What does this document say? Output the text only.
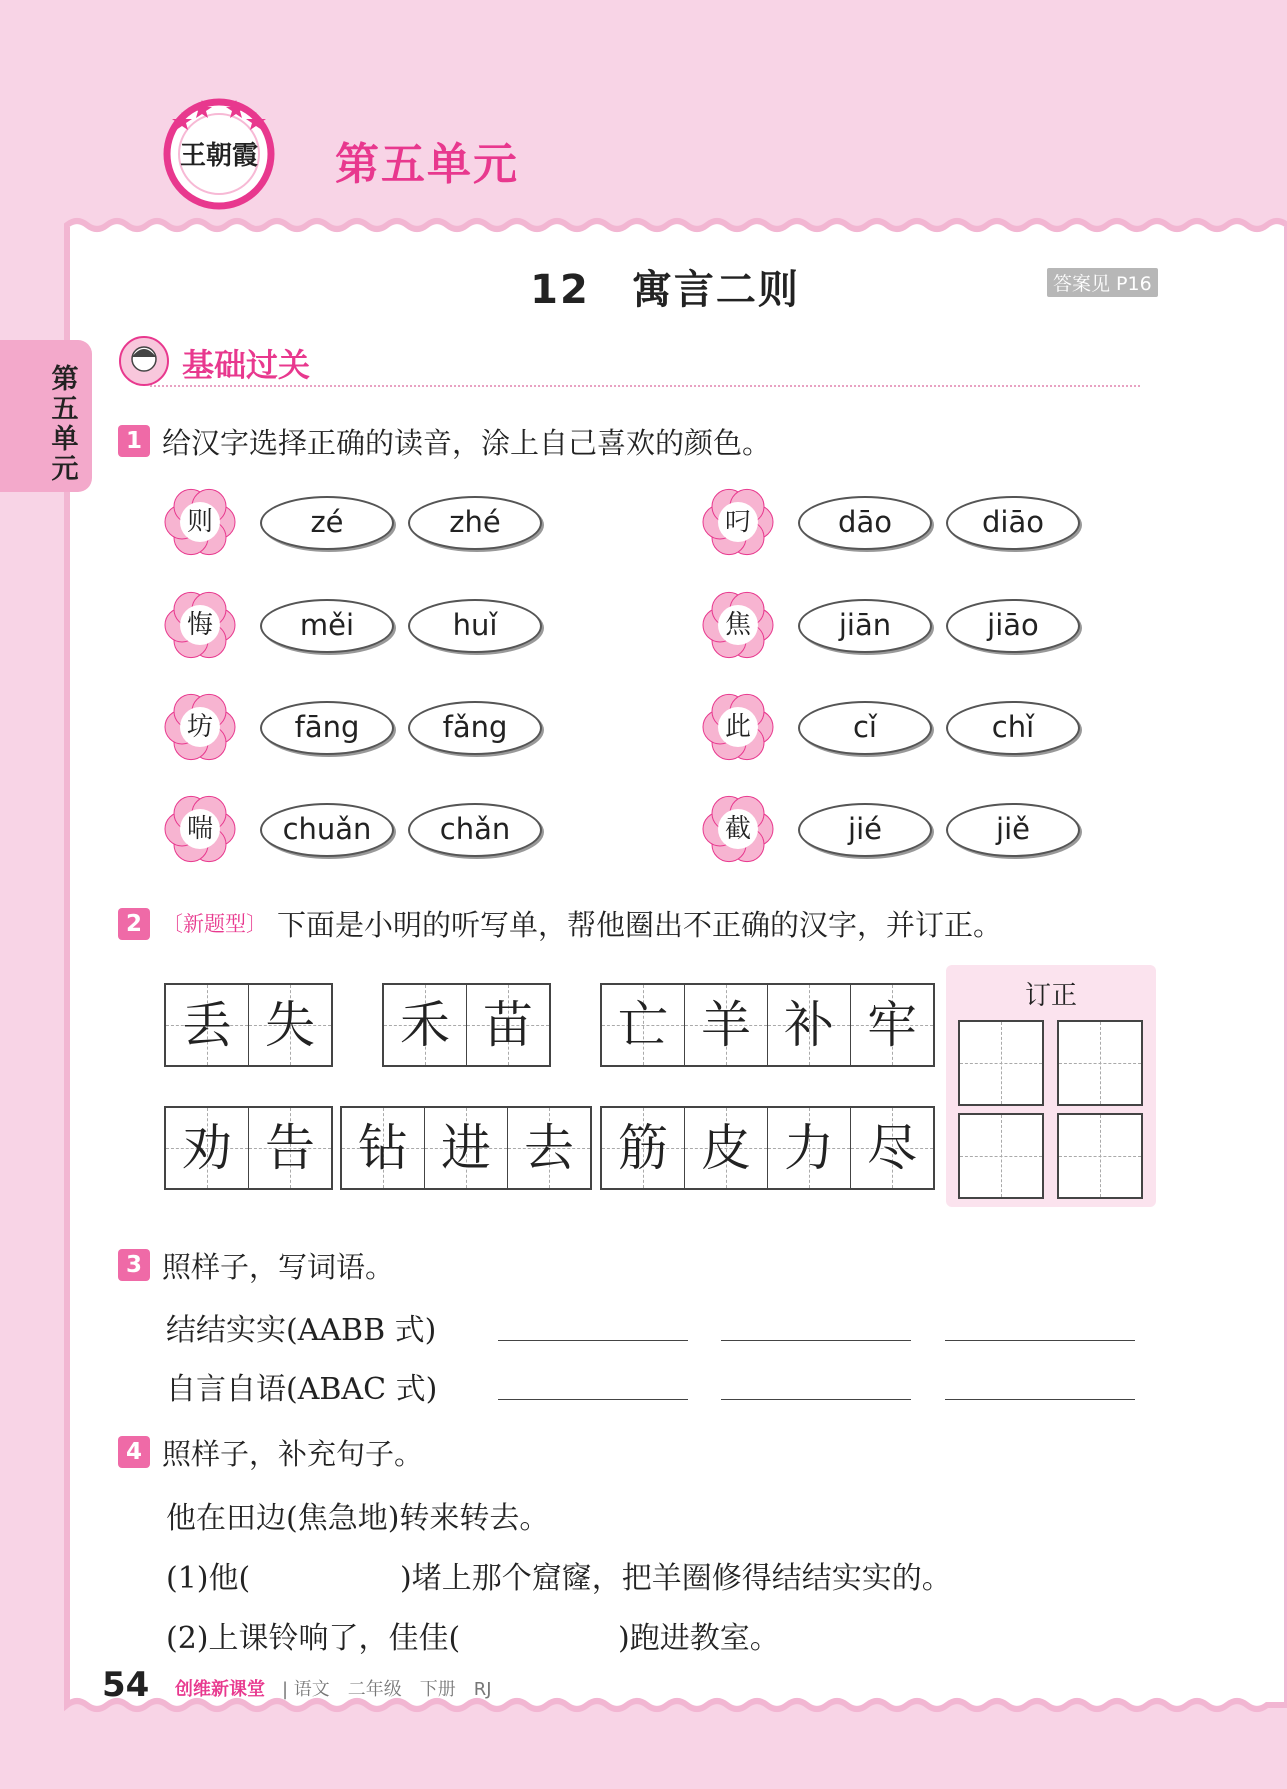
王朝霞 第五单元
第五单元
12　寓言二则	答案见 P16
基础过关
1 给汉字选择正确的读音，涂上自己喜欢的颜色。
则	zé	zhé	叼	dāo	diāo
悔	měi	huǐ	焦	jiān	jiāo
坊	fāng	fǎng	此	cǐ	chǐ
喘	chuǎn	chǎn	截	jié	jiě
2 〔新题型〕 下面是小明的听写单，帮他圈出不正确的汉字，并订正。
丢 失	禾 苗	亡 羊 补 牢
劝 告 钻 进 去 筋 皮 力 尽
订正
3 照样子，写词语。
结结实实(AABB 式)
自言自语(ABAC 式)
4 照样子，补充句子。
他在田边(焦急地)转来转去。
(1)他(	)堵上那个窟窿，把羊圈修得结结实实的。
(2)上课铃响了，佳佳(	)跑进教室。
54 创维新课堂 | 语文　二年级　下册　RJ
